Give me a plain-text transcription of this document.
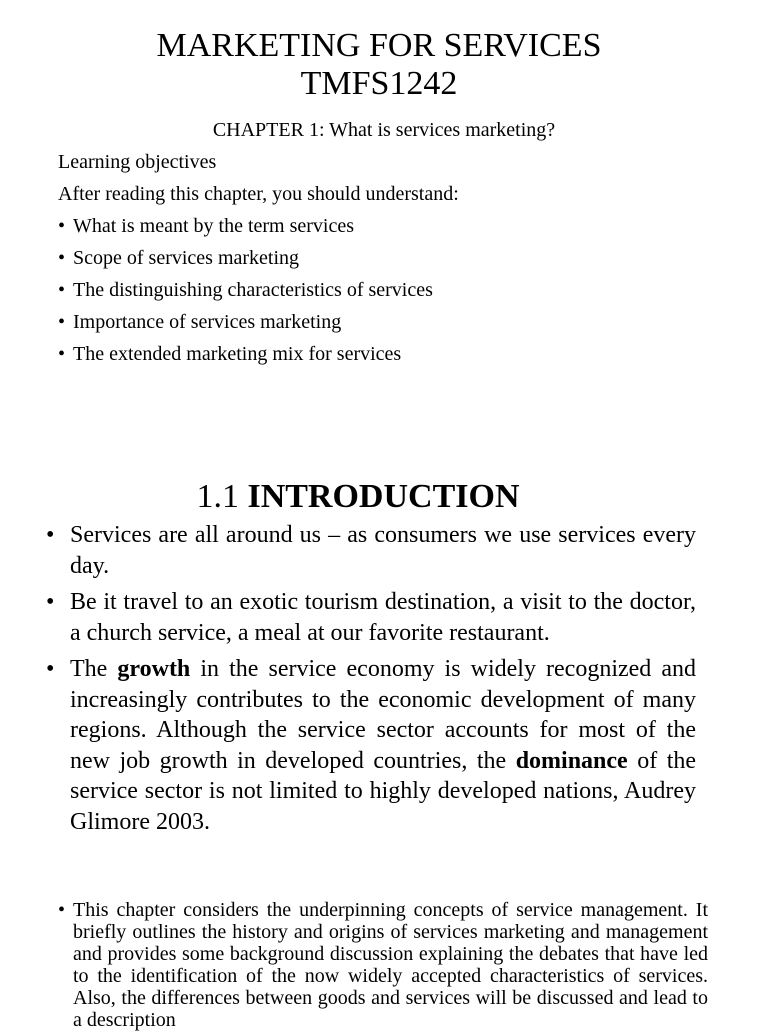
MARKETING FOR SERVICES
TMFS1242
CHAPTER 1: What is services marketing?
Learning objectives
After reading this chapter, you should understand:
• What is meant by the term services
• Scope of services marketing
• The distinguishing characteristics of services
• Importance of services marketing
• The extended marketing mix for services
1.1 INTRODUCTION
• Services are all around us – as consumers we use services every day.
• Be it travel to an exotic tourism destination, a visit to the doctor, a church service, a meal at our favorite restaurant.
• The growth in the service economy is widely recognized and increasingly contributes to the economic development of many regions. Although the service sector accounts for most of the new job growth in developed countries, the dominance of the service sector is not limited to highly developed nations, Audrey Glimore 2003.
• This chapter considers the underpinning concepts of service management. It briefly outlines the history and origins of services marketing and management and provides some background discussion explaining the debates that have led to the identification of the now widely accepted characteristics of services. Also, the differences between goods and services will be discussed and lead to a description
